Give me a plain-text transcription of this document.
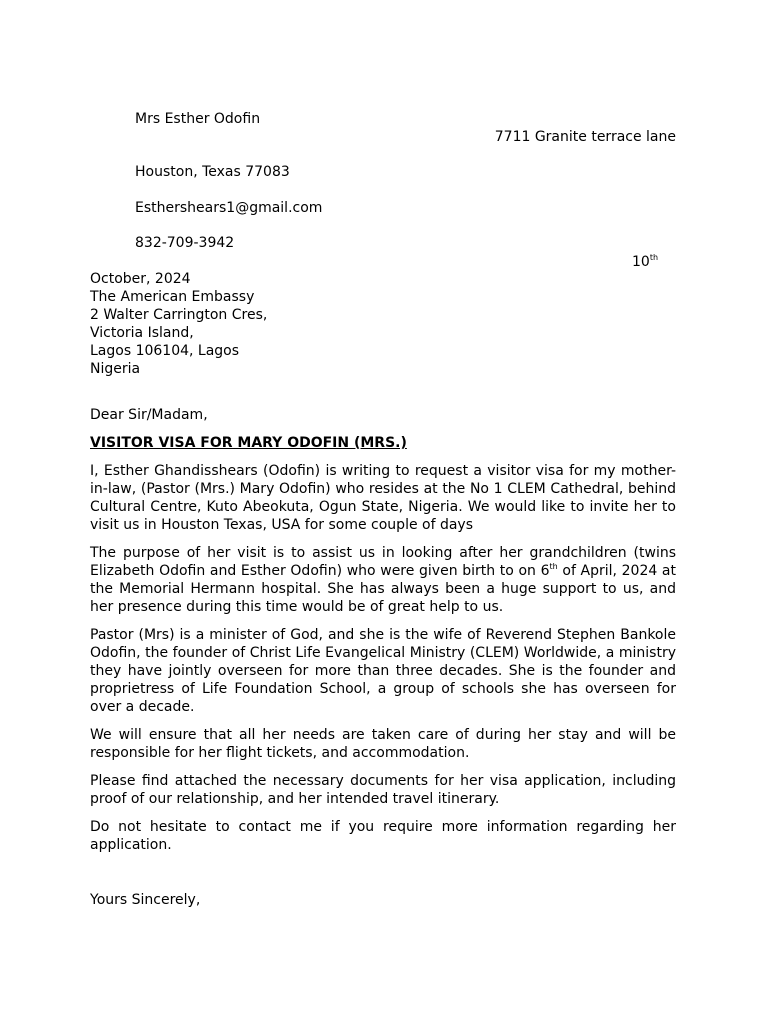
Mrs Esther Odofin
7711 Granite terrace lane
Houston, Texas 77083
Esthershears1@gmail.com
832-709-3942
10th
October, 2024
The American Embassy
2 Walter Carrington Cres,
Victoria Island,
Lagos 106104, Lagos
Nigeria
Dear Sir/Madam,
VISITOR VISA FOR MARY ODOFIN (MRS.)

I, Esther Ghandisshears (Odofin) is writing to request a visitor visa for my mother-in-law, (Pastor (Mrs.) Mary Odofin) who resides at the No 1 CLEM Cathedral, behind Cultural Centre, Kuto Abeokuta, Ogun State, Nigeria. We would like to invite her to visit us in Houston Texas, USA for some couple of days

The purpose of her visit is to assist us in looking after her grandchildren (twins Elizabeth Odofin and Esther Odofin) who were given birth to on 6th of April, 2024 at the Memorial Hermann hospital. She has always been a huge support to us, and her presence during this time would be of great help to us.

Pastor (Mrs) is a minister of God, and she is the wife of Reverend Stephen Bankole Odofin, the founder of Christ Life Evangelical Ministry (CLEM) Worldwide, a ministry they have jointly overseen for more than three decades. She is the founder and proprietress of Life Foundation School, a group of schools she has overseen for over a decade.

We will ensure that all her needs are taken care of during her stay and will be responsible for her flight tickets, and accommodation.

Please find attached the necessary documents for her visa application, including proof of our relationship, and her intended travel itinerary.

Do not hesitate to contact me if you require more information regarding her application.

Yours Sincerely,
